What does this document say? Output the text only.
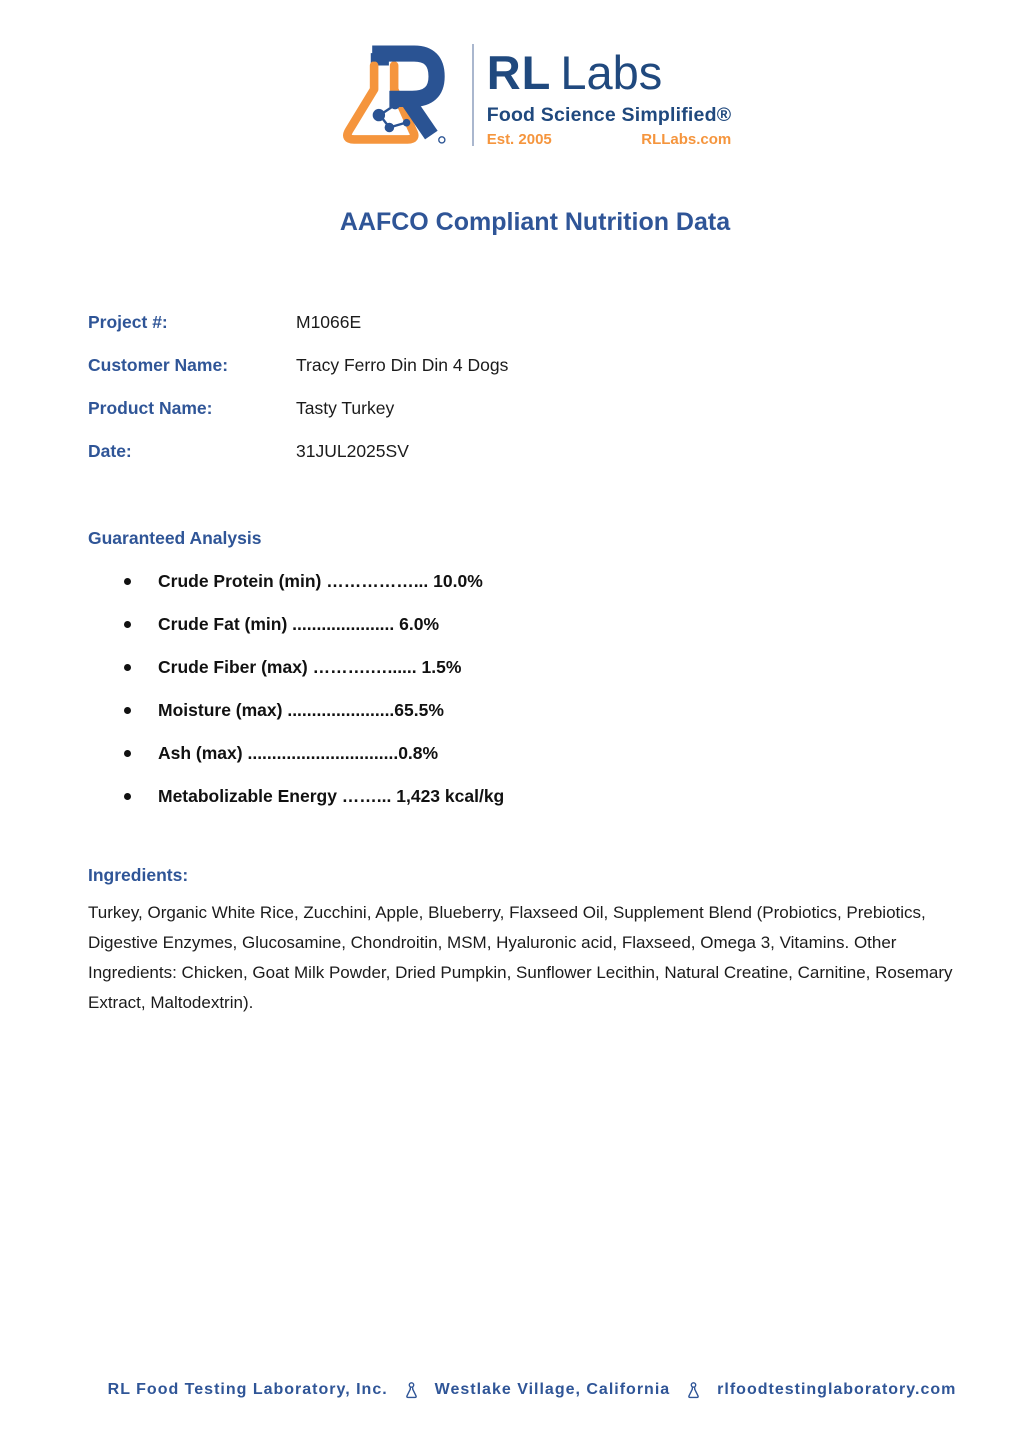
RL Labs
Food Science Simplified®
Est. 2005	RLLabs.com
AAFCO Compliant Nutrition Data
Project #:	M1066E
Customer Name:	Tracy Ferro Din Din 4 Dogs
Product Name:	Tasty Turkey
Date:	31JUL2025SV
Guaranteed Analysis
Crude Protein (min) ……………... 10.0%
Crude Fat (min) ..................... 6.0%
Crude Fiber (max) ……….…...... 1.5%
Moisture (max) ......................65.5%
Ash (max) ...............................0.8%
Metabolizable Energy ……... 1,423 kcal/kg
Ingredients:

Turkey, Organic White Rice, Zucchini, Apple, Blueberry, Flaxseed Oil, Supplement Blend (Probiotics, Prebiotics, Digestive Enzymes, Glucosamine, Chondroitin, MSM, Hyaluronic acid, Flaxseed, Omega 3, Vitamins. Other Ingredients: Chicken, Goat Milk Powder, Dried Pumpkin, Sunflower Lecithin, Natural Creatine, Carnitine, Rosemary Extract, Maltodextrin).

RL Food Testing Laboratory, Inc.	Westlake Village, California	rlfoodtestinglaboratory.com
